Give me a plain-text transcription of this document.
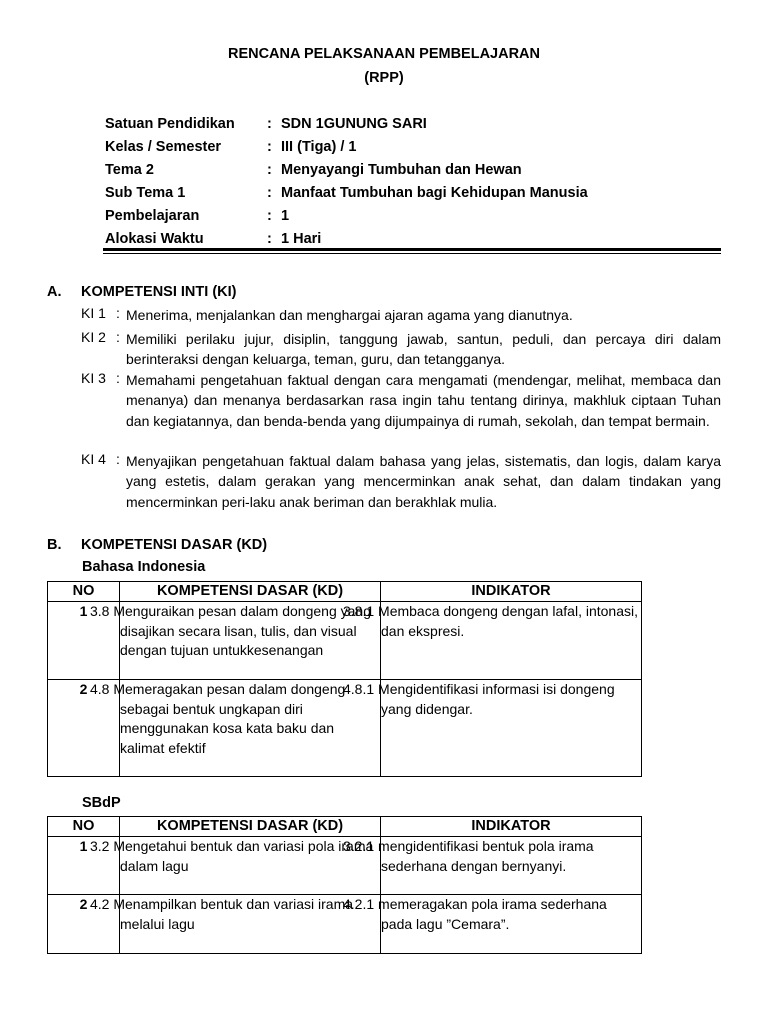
RENCANA PELAKSANAAN PEMBELAJARAN
(RPP)
Satuan Pendidikan	: SDN 1GUNUNG SARI
Kelas / Semester	: III (Tiga) / 1
Tema 2	: Menyayangi Tumbuhan dan Hewan
Sub Tema 1	: Manfaat Tumbuhan bagi Kehidupan Manusia
Pembelajaran	: 1
Alokasi Waktu	: 1 Hari
A. KOMPETENSI INTI (KI)
KI 1 : Menerima, menjalankan dan menghargai ajaran agama yang dianutnya.
KI 2 : Memiliki perilaku jujur, disiplin, tanggung jawab, santun, peduli, dan percaya diri dalam berinteraksi dengan keluarga, teman, guru, dan tetangganya.
KI 3 : Memahami pengetahuan faktual dengan cara mengamati (mendengar, melihat, membaca dan menanya) dan menanya berdasarkan rasa ingin tahu tentang dirinya, makhluk ciptaan Tuhan dan kegiatannya, dan benda-benda yang dijumpainya di rumah, sekolah, dan tempat bermain.
KI 4 : Menyajikan pengetahuan faktual dalam bahasa yang jelas, sistematis, dan logis, dalam karya yang estetis, dalam gerakan yang mencerminkan anak sehat, dan dalam tindakan yang mencerminkan peri-laku anak beriman dan berakhlak mulia.
B. KOMPETENSI DASAR (KD)
Bahasa Indonesia
NO	KOMPETENSI DASAR (KD)	INDIKATOR
1	3.8 Menguraikan pesan dalam dongeng yang disajikan secara lisan, tulis, dan visual dengan tujuan untukkesenangan	3.8.1 Membaca dongeng dengan lafal, intonasi, dan ekspresi.
2	4.8 Memeragakan pesan dalam dongeng sebagai bentuk ungkapan diri menggunakan kosa kata baku dan kalimat efektif	4.8.1 Mengidentifikasi informasi isi dongeng yang didengar.
SBdP
NO	KOMPETENSI DASAR (KD)	INDIKATOR
1	3.2 Mengetahui bentuk dan variasi pola irama dalam lagu	3.2.1 mengidentifikasi bentuk pola irama sederhana dengan bernyanyi.
2	4.2 Menampilkan bentuk dan variasi irama melalui lagu	4.2.1 memeragakan pola irama sederhana pada lagu ”Cemara”.
